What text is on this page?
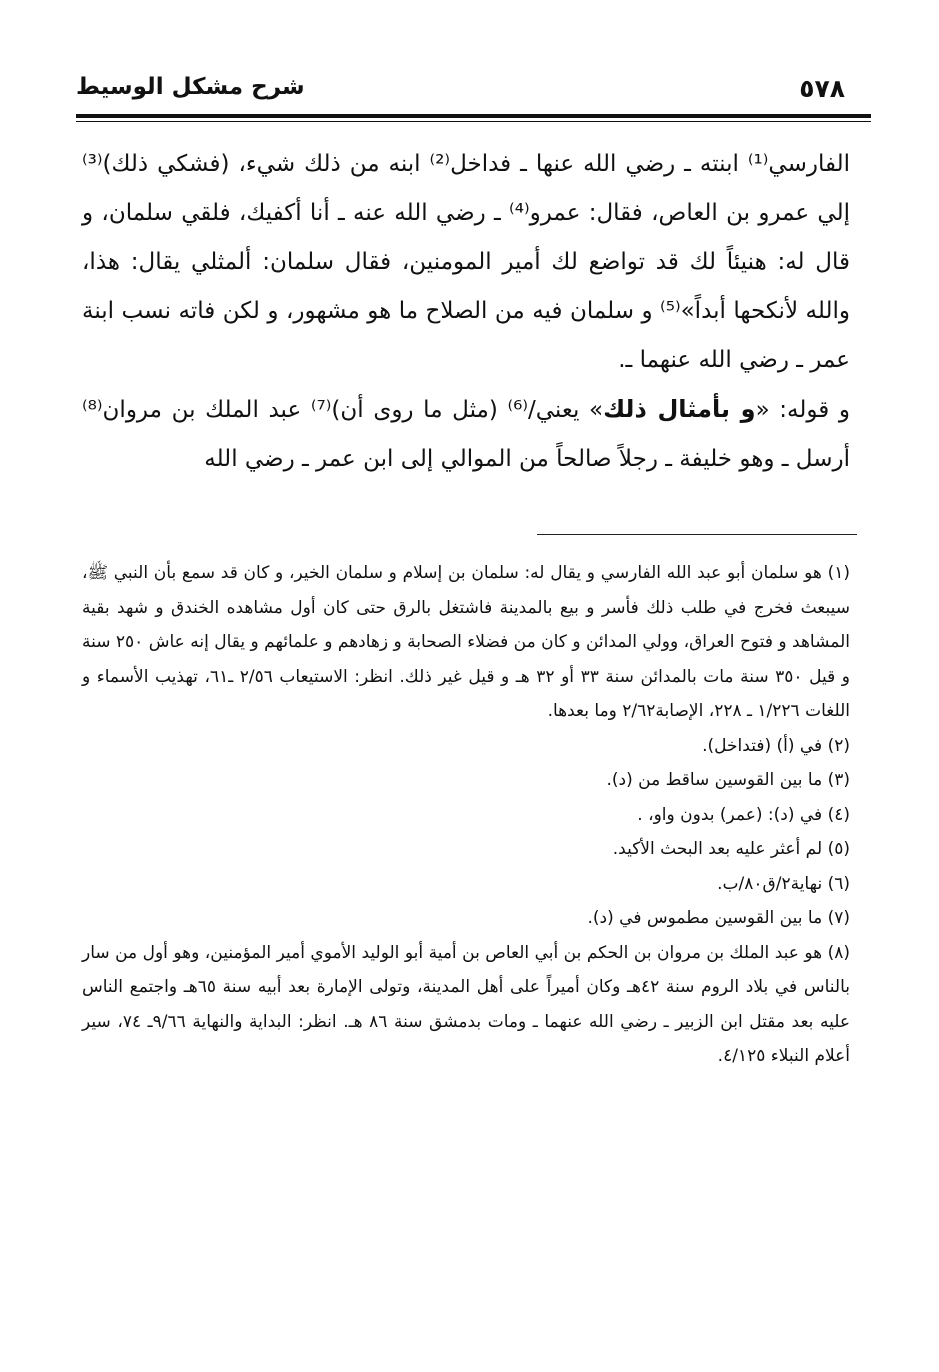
٥٧٨
شرح مشكل الوسيط

الفارسي⁽¹⁾ ابنته ـ رضي الله عنها ـ فداخل⁽²⁾ ابنه من ذلك شيء، (فشكي ذلك)⁽³⁾ إلي عمرو بن العاص، فقال: عمرو⁽⁴⁾ ـ رضي الله عنه ـ أنا أكفيك، فلقي سلمان، و قال له: هنيئاً لك قد تواضع لك أمير المومنين، فقال سلمان: ألمثلي يقال: هذا، والله لأنكحها أبداً»⁽⁵⁾ و سلمان فيه من الصلاح ما هو مشهور، و لكن فاته نسب ابنة عمر ـ رضي الله عنهما ـ.

و قوله: «و بأمثال ذلك» يعني/⁽⁶⁾ (مثل ما روى أن)⁽⁷⁾ عبد الملك بن مروان⁽⁸⁾ أرسل ـ وهو خليفة ـ رجلاً صالحاً من الموالي إلى ابن عمر ـ رضي الله

(١) هو سلمان أبو عبد الله الفارسي و يقال له: سلمان بن إسلام و سلمان الخير، و كان قد سمع بأن النبي ﷺ، سيبعث فخرج في طلب ذلك فأسر و بيع بالمدينة فاشتغل بالرق حتى كان أول مشاهده الخندق و شهد بقية المشاهد و فتوح العراق، وولي المدائن و كان من فضلاء الصحابة و زهادهم و علمائهم و يقال إنه عاش ٢٥٠ سنة و قيل ٣٥٠ سنة مات بالمدائن سنة ٣٣ أو ٣٢ هـ و قيل غير ذلك. انظر: الاستيعاب ٢/٥٦ ـ٦١، تهذيب الأسماء و اللغات ١/٢٢٦ ـ ٢٢٨، الإصابة٢/٦٢ وما بعدها.

(٢) في (أ) (فتداخل).

(٣) ما بين القوسين ساقط من (د).

(٤) في (د): (عمر) بدون واو، .

(٥) لم أعثر عليه بعد البحث الأكيد.

(٦) نهاية٢/ق٨٠/ب.

(٧) ما بين القوسين مطموس في (د).

(٨) هو عبد الملك بن مروان بن الحكم بن أبي العاص بن أمية أبو الوليد الأموي أمير المؤمنين، وهو أول من سار بالناس في بلاد الروم سنة ٤٢هـ وكان أميراً على أهل المدينة، وتولى الإمارة بعد أبيه سنة ٦٥هـ واجتمع الناس عليه بعد مقتل ابن الزبير ـ رضي الله عنهما ـ ومات بدمشق سنة ٨٦ هـ. انظر: البداية والنهاية ٩/٦٦ـ ٧٤، سير أعلام النبلاء ٤/١٢٥.
